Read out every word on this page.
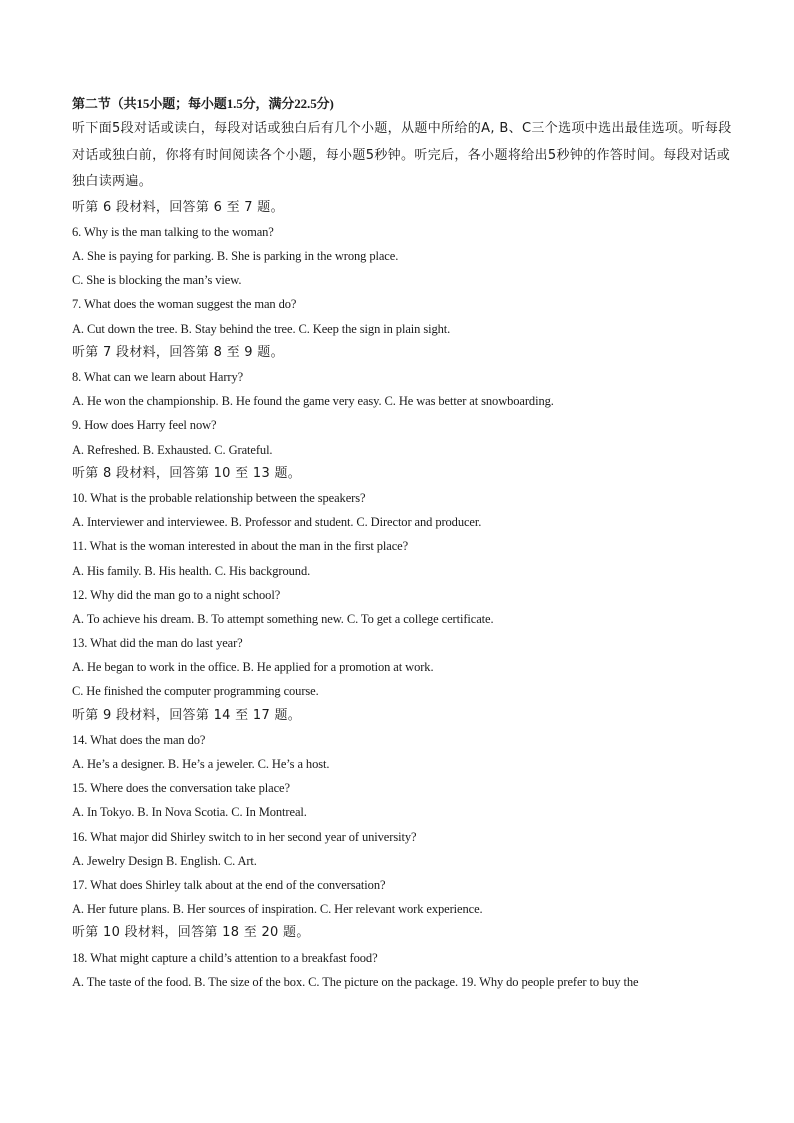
第二节（共15小题；每小题1.5分，满分22.5分)
听下面5段对话或读白，每段对话或独白后有几个小题，从题中所给的A, B、C三个选项中选出最佳选项。听每段对话或独白前，你将有时间阅读各个小题，每小题5秒钟。听完后，各小题将给出5秒钟的作答时间。每段对话或独白读两遍。
听第 6 段材料，回答第 6 至 7 题。
6. Why is the man talking to the woman?
A. She is paying for parking. B. She is parking in the wrong place.
C. She is blocking the man’s view.
7. What does the woman suggest the man do?
A. Cut down the tree. B. Stay behind the tree. C. Keep the sign in plain sight.
听第 7 段材料，回答第 8 至 9 题。
8. What can we learn about Harry?
A. He won the championship. B. He found the game very easy. C. He was better at snowboarding.
9. How does Harry feel now?
A. Refreshed. B. Exhausted. C. Grateful.
听第 8 段材料，回答第 10 至 13 题。
10. What is the probable relationship between the speakers?
A. Interviewer and interviewee. B. Professor and student. C. Director and producer.
11. What is the woman interested in about the man in the first place?
A. His family. B. His health. C. His background.
12. Why did the man go to a night school?
A. To achieve his dream. B. To attempt something new. C. To get a college certificate.
13. What did the man do last year?
A. He began to work in the office. B. He applied for a promotion at work.
C. He finished the computer programming course.
听第 9 段材料，回答第 14 至 17 题。
14. What does the man do?
A. He’s a designer. B. He’s a jeweler. C. He’s a host.
15. Where does the conversation take place?
A. In Tokyo. B. In Nova Scotia. C. In Montreal.
16. What major did Shirley switch to in her second year of university?
A. Jewelry Design B. English. C. Art.
17. What does Shirley talk about at the end of the conversation?
A. Her future plans. B. Her sources of inspiration. C. Her relevant work experience.
听第 10 段材料，回答第 18 至 20 题。
18. What might capture a child’s attention to a breakfast food?
A. The taste of the food. B. The size of the box. C. The picture on the package. 19. Why do people prefer to buy the
